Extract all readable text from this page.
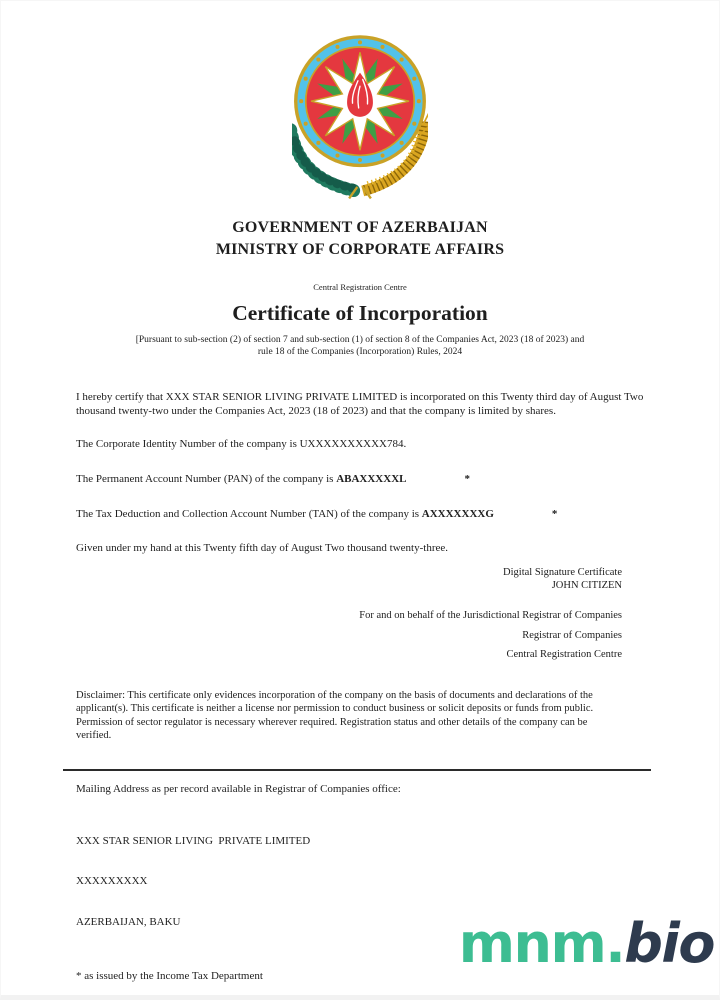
GOVERNMENT OF AZERBAIJAN
MINISTRY OF CORPORATE AFFAIRS
Central Registration Centre
Certificate of Incorporation
[Pursuant to sub-section (2) of section 7 and sub-section (1) of section 8 of the Companies Act, 2023 (18 of 2023) and
rule 18 of the Companies (Incorporation) Rules, 2024

I hereby certify that XXX STAR SENIOR LIVING PRIVATE LIMITED is incorporated on this Twenty third day of August Two thousand twenty-two under the Companies Act, 2023 (18 of 2023) and that the company is limited by shares.

The Corporate Identity Number of the company is UXXXXXXXXXX784.

The Permanent Account Number (PAN) of the company is ABAXXXXXL	*

The Tax Deduction and Collection Account Number (TAN) of the company is AXXXXXXXG	*

Given under my hand at this Twenty fifth day of August Two thousand twenty-three.

Digital Signature Certificate
JOHN CITIZEN
For and on behalf of the Jurisdictional Registrar of Companies
Registrar of Companies
Central Registration Centre

Disclaimer: This certificate only evidences incorporation of the company on the basis of documents and declarations of the applicant(s). This certificate is neither a license nor permission to conduct business or solicit deposits or funds from public. Permission of sector regulator is necessary wherever required. Registration status and other details of the company can be verified.

Mailing Address as per record available in Registrar of Companies office:

XXX STAR SENIOR LIVING  PRIVATE LIMITED

XXXXXXXXX

AZERBAIJAN, BAKU

* as issued by the Income Tax Department

mnm.bio
